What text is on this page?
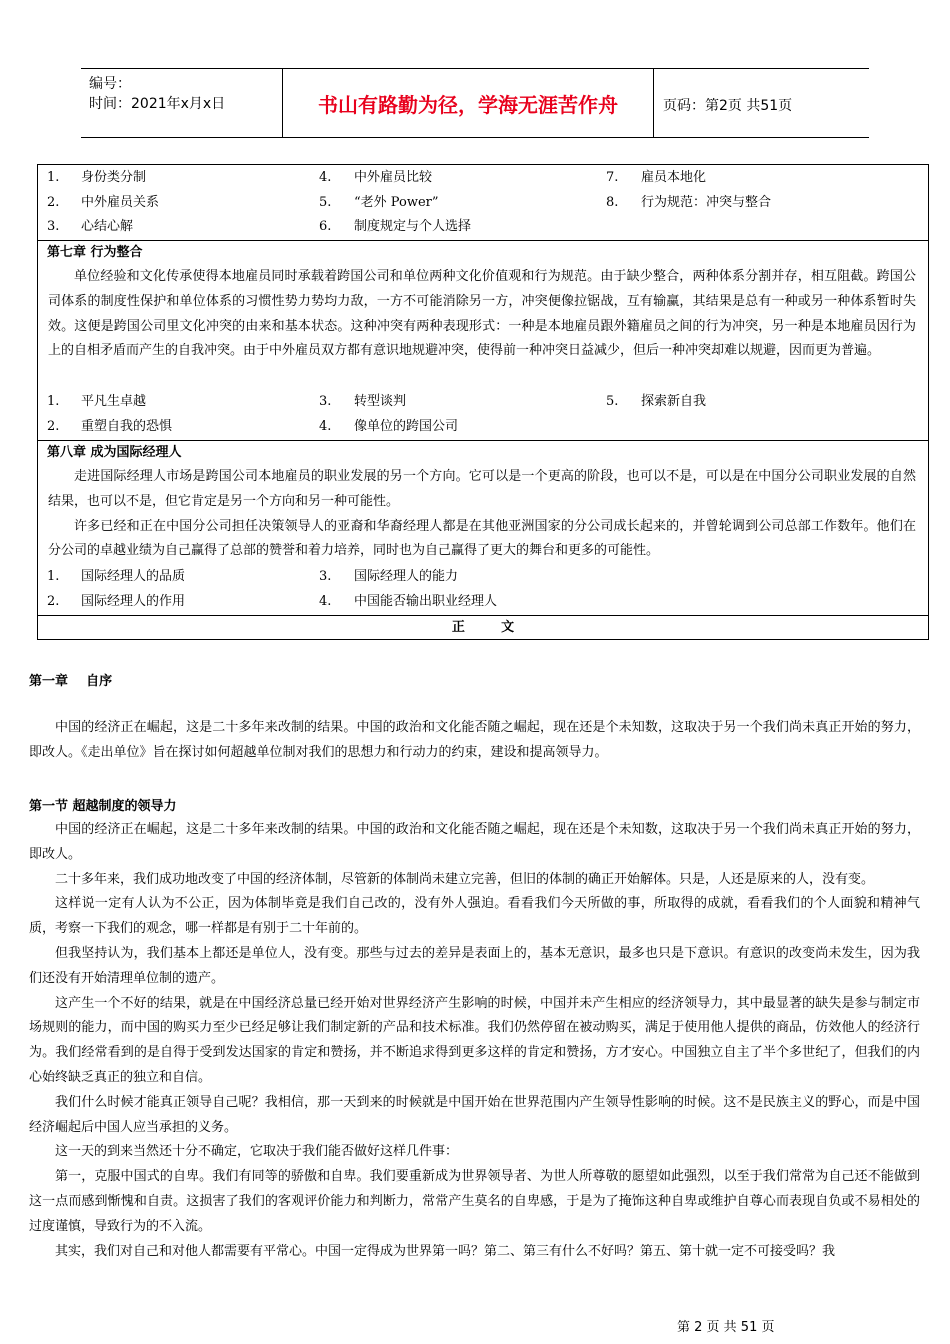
编号：
时间：2021年x月x日	书山有路勤为径，学海无涯苦作舟	页码：第2页 共51页
1. 身份类分制	4. 中外雇员比较	7. 雇员本地化
2. 中外雇员关系	5. “老外 Power”	8. 行为规范：冲突与整合
3. 心结心解	6. 制度规定与个人选择
第七章 行为整合

单位经验和文化传承使得本地雇员同时承载着跨国公司和单位两种文化价值观和行为规范。由于缺少整合，两种体系分割并存，相互阻截。跨国公司体系的制度性保护和单位体系的习惯性势力势均力敌，一方不可能消除另一方，冲突便像拉锯战，互有输赢，其结果是总有一种或另一种体系暂时失效。这便是跨国公司里文化冲突的由来和基本状态。这种冲突有两种表现形式：一种是本地雇员跟外籍雇员之间的行为冲突，另一种是本地雇员因行为上的自相矛盾而产生的自我冲突。由于中外雇员双方都有意识地规避冲突，使得前一种冲突日益减少，但后一种冲突却难以规避，因而更为普遍。

1. 平凡生卓越	3. 转型谈判	5. 探索新自我
2. 重塑自我的恐惧	4. 像单位的跨国公司
第八章 成为国际经理人

走进国际经理人市场是跨国公司本地雇员的职业发展的另一个方向。它可以是一个更高的阶段，也可以不是，可以是在中国分公司职业发展的自然结果，也可以不是，但它肯定是另一个方向和另一种可能性。

许多已经和正在中国分公司担任决策领导人的亚裔和华裔经理人都是在其他亚洲国家的分公司成长起来的，并曾轮调到公司总部工作数年。他们在分公司的卓越业绩为自己赢得了总部的赞誉和着力培养，同时也为自己赢得了更大的舞台和更多的可能性。

1. 国际经理人的品质	3. 国际经理人的能力
2. 国际经理人的作用	4. 中国能否输出职业经理人
正        文
第一章    自序

中国的经济正在崛起，这是二十多年来改制的结果。中国的政治和文化能否随之崛起，现在还是个未知数，这取决于另一个我们尚未真正开始的努力，即改人。《走出单位》旨在探讨如何超越单位制对我们的思想力和行动力的约束，建设和提高领导力。

第一节 超越制度的领导力

中国的经济正在崛起，这是二十多年来改制的结果。中国的政治和文化能否随之崛起，现在还是个未知数，这取决于另一个我们尚未真正开始的努力，即改人。

二十多年来，我们成功地改变了中国的经济体制，尽管新的体制尚未建立完善，但旧的体制的确正开始解体。只是，人还是原来的人，没有变。

这样说一定有人认为不公正，因为体制毕竟是我们自己改的，没有外人强迫。看看我们今天所做的事，所取得的成就，看看我们的个人面貌和精神气质，考察一下我们的观念，哪一样都是有别于二十年前的。

但我坚持认为，我们基本上都还是单位人，没有变。那些与过去的差异是表面上的，基本无意识，最多也只是下意识。有意识的改变尚未发生，因为我们还没有开始清理单位制的遗产。

这产生一个不好的结果，就是在中国经济总量已经开始对世界经济产生影响的时候，中国并未产生相应的经济领导力，其中最显著的缺失是参与制定市场规则的能力，而中国的购买力至少已经足够让我们制定新的产品和技术标准。我们仍然停留在被动购买，满足于使用他人提供的商品，仿效他人的经济行为。我们经常看到的是自得于受到发达国家的肯定和赞扬，并不断追求得到更多这样的肯定和赞扬，方才安心。中国独立自主了半个多世纪了，但我们的内心始终缺乏真正的独立和自信。

我们什么时候才能真正领导自己呢？我相信，那一天到来的时候就是中国开始在世界范围内产生领导性影响的时候。这不是民族主义的野心，而是中国经济崛起后中国人应当承担的义务。

这一天的到来当然还十分不确定，它取决于我们能否做好这样几件事：

第一，克服中国式的自卑。我们有同等的骄傲和自卑。我们要重新成为世界领导者、为世人所尊敬的愿望如此强烈，以至于我们常常为自己还不能做到这一点而感到惭愧和自责。这损害了我们的客观评价能力和判断力，常常产生莫名的自卑感，于是为了掩饰这种自卑或维护自尊心而表现自负或不易相处的过度谨慎，导致行为的不入流。

其实，我们对自己和对他人都需要有平常心。中国一定得成为世界第一吗？第二、第三有什么不好吗？第五、第十就一定不可接受吗？我

第 2 页 共 51 页
